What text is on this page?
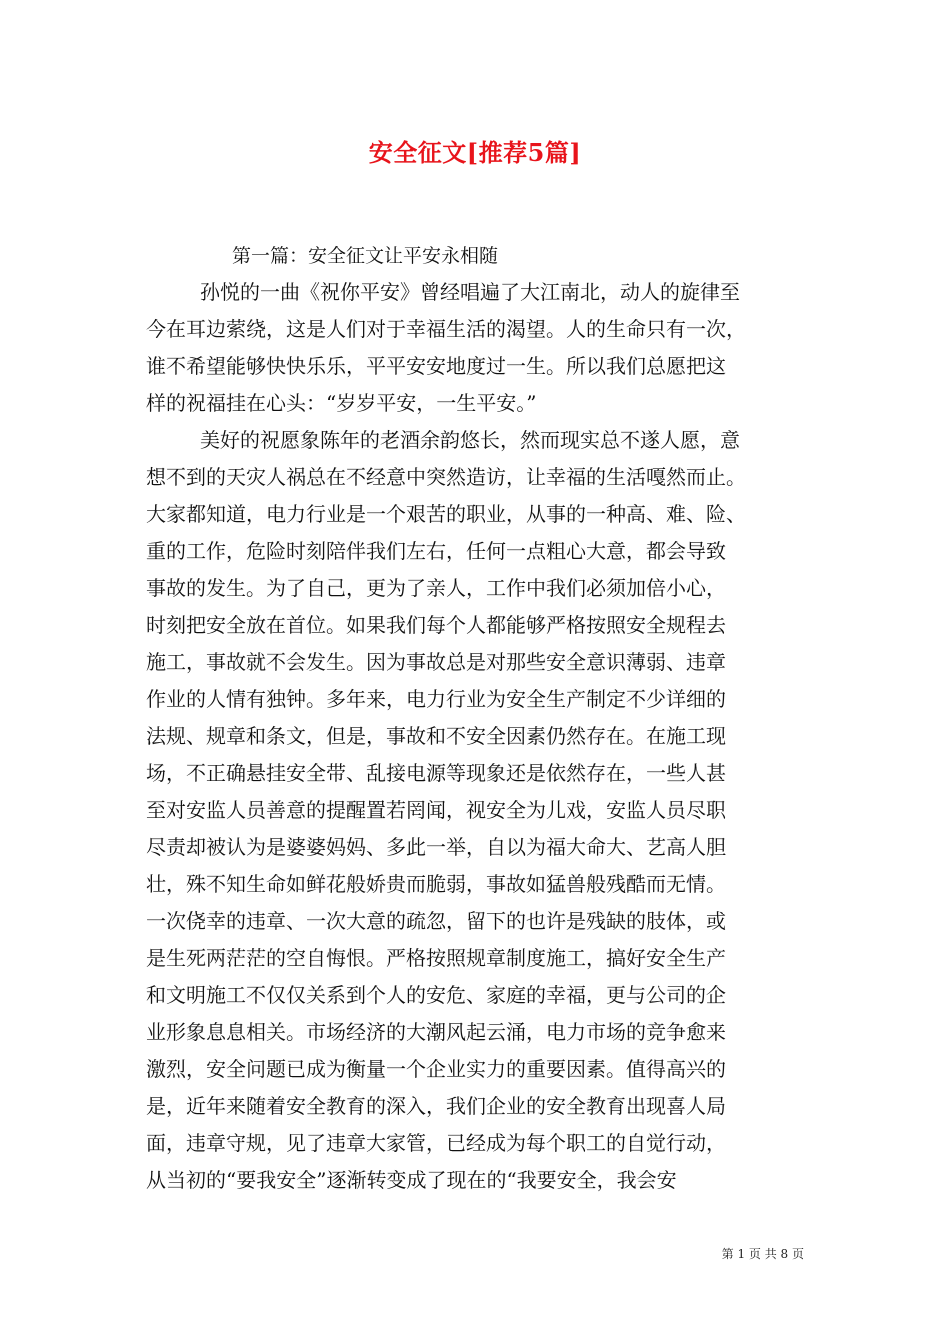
安全征文[推荐5篇]
第一篇：安全征文让平安永相随
孙悦的一曲《祝你平安》曾经唱遍了大江南北，动人的旋律至
今在耳边萦绕，这是人们对于幸福生活的渴望。人的生命只有一次，
谁不希望能够快快乐乐，平平安安地度过一生。所以我们总愿把这
样的祝福挂在心头：“岁岁平安，一生平安。”
美好的祝愿象陈年的老酒余韵悠长，然而现实总不遂人愿，意
想不到的天灾人祸总在不经意中突然造访，让幸福的生活嘎然而止。
大家都知道，电力行业是一个艰苦的职业，从事的一种高、难、险、
重的工作，危险时刻陪伴我们左右，任何一点粗心大意，都会导致
事故的发生。为了自己，更为了亲人，工作中我们必须加倍小心，
时刻把安全放在首位。如果我们每个人都能够严格按照安全规程去
施工，事故就不会发生。因为事故总是对那些安全意识薄弱、违章
作业的人情有独钟。多年来，电力行业为安全生产制定不少详细的
法规、规章和条文，但是，事故和不安全因素仍然存在。在施工现
场，不正确悬挂安全带、乱接电源等现象还是依然存在，一些人甚
至对安监人员善意的提醒置若罔闻，视安全为儿戏，安监人员尽职
尽责却被认为是婆婆妈妈、多此一举，自以为福大命大、艺高人胆
壮，殊不知生命如鲜花般娇贵而脆弱，事故如猛兽般残酷而无情。
一次侥幸的违章、一次大意的疏忽，留下的也许是残缺的肢体，或
是生死两茫茫的空自悔恨。严格按照规章制度施工，搞好安全生产
和文明施工不仅仅关系到个人的安危、家庭的幸福，更与公司的企
业形象息息相关。市场经济的大潮风起云涌，电力市场的竞争愈来
激烈，安全问题已成为衡量一个企业实力的重要因素。值得高兴的
是，近年来随着安全教育的深入，我们企业的安全教育出现喜人局
面，违章守规，见了违章大家管，已经成为每个职工的自觉行动，
从当初的“要我安全”逐渐转变成了现在的“我要安全，我会安
第 1 页 共 8 页
